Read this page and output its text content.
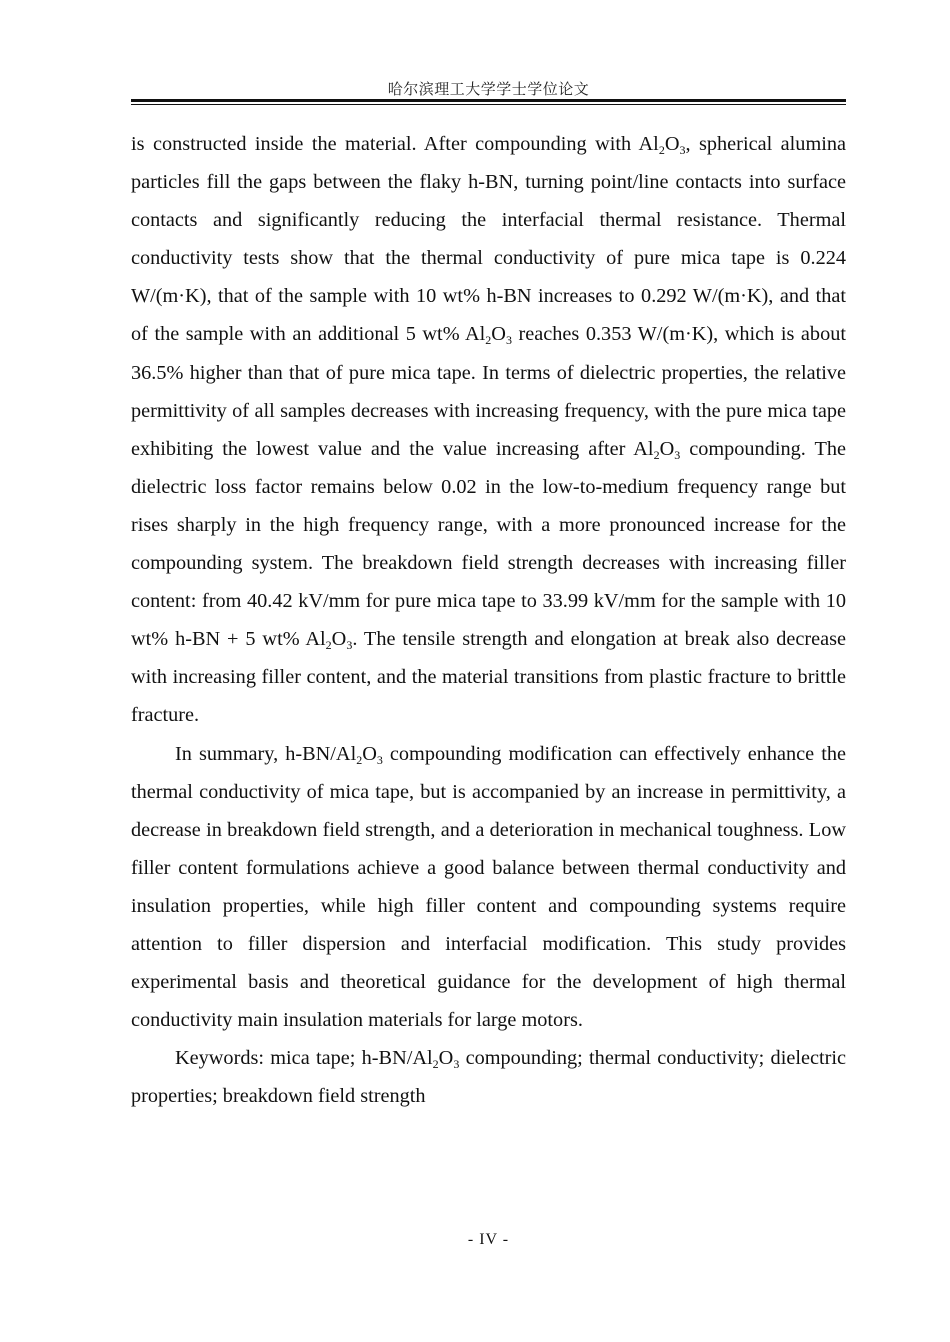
哈尔滨理工大学学士学位论文

is constructed inside the material. After compounding with $Al_2O_3$, spherical alumina particles fill the gaps between the flaky h-BN, turning point/line contacts into surface contacts and significantly reducing the interfacial thermal resistance. Thermal conductivity tests show that the thermal conductivity of pure mica tape is 0.224 W/(m·K), that of the sample with 10 wt% h-BN increases to 0.292 W/(m·K), and that of the sample with an additional 5 wt% $Al_2O_3$ reaches 0.353 W/(m·K), which is about 36.5% higher than that of pure mica tape. In terms of dielectric properties, the relative permittivity of all samples decreases with increasing frequency, with the pure mica tape exhibiting the lowest value and the value increasing after $Al_2O_3$ compounding. The dielectric loss factor remains below 0.02 in the low-to-medium frequency range but rises sharply in the high frequency range, with a more pronounced increase for the compounding system. The breakdown field strength decreases with increasing filler content: from 40.42 kV/mm for pure mica tape to 33.99 kV/mm for the sample with 10 wt% h-BN + 5 wt% $Al_2O_3$. The tensile strength and elongation at break also decrease with increasing filler content, and the material transitions from plastic fracture to brittle fracture.

In summary, $h-BN/Al_2O_3$ compounding modification can effectively enhance the thermal conductivity of mica tape, but is accompanied by an increase in permittivity, a decrease in breakdown field strength, and a deterioration in mechanical toughness. Low filler content formulations achieve a good balance between thermal conductivity and insulation properties, while high filler content and compounding systems require attention to filler dispersion and interfacial modification. This study provides experimental basis and theoretical guidance for the development of high thermal conductivity main insulation materials for large motors.

Keywords: mica tape; $h-BN/Al_2O_3$ compounding; thermal conductivity; dielectric properties; breakdown field strength

- IV -
